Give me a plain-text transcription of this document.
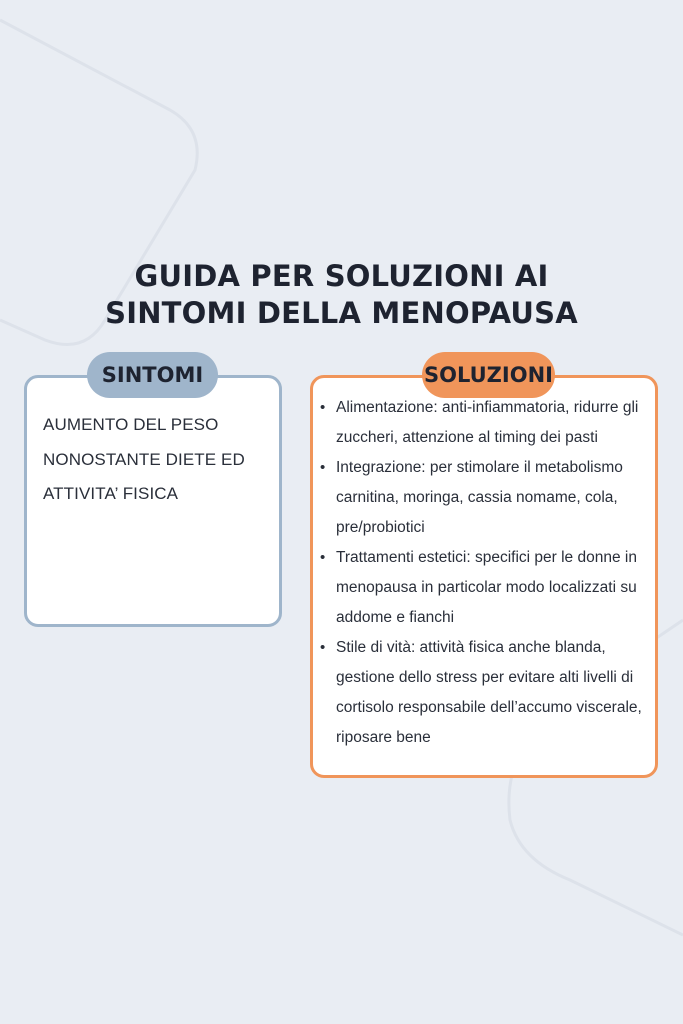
GUIDA PER SOLUZIONI AI
SINTOMI DELLA MENOPAUSA
SINTOMI
AUMENTO DEL PESO NONOSTANTE DIETE ED ATTIVITA’ FISICA
SOLUZIONI
• Alimentazione: anti-infiammatoria, ridurre gli zuccheri, attenzione al timing dei pasti
• Integrazione: per stimolare il metabolismo carnitina, moringa, cassia nomame, cola, pre/probiotici
• Trattamenti estetici: specifici per le donne in menopausa in particolar modo localizzati su addome e fianchi
• Stile di vità: attività fisica anche blanda, gestione dello stress per evitare alti livelli di cortisolo responsabile dell’accumo viscerale, riposare bene
